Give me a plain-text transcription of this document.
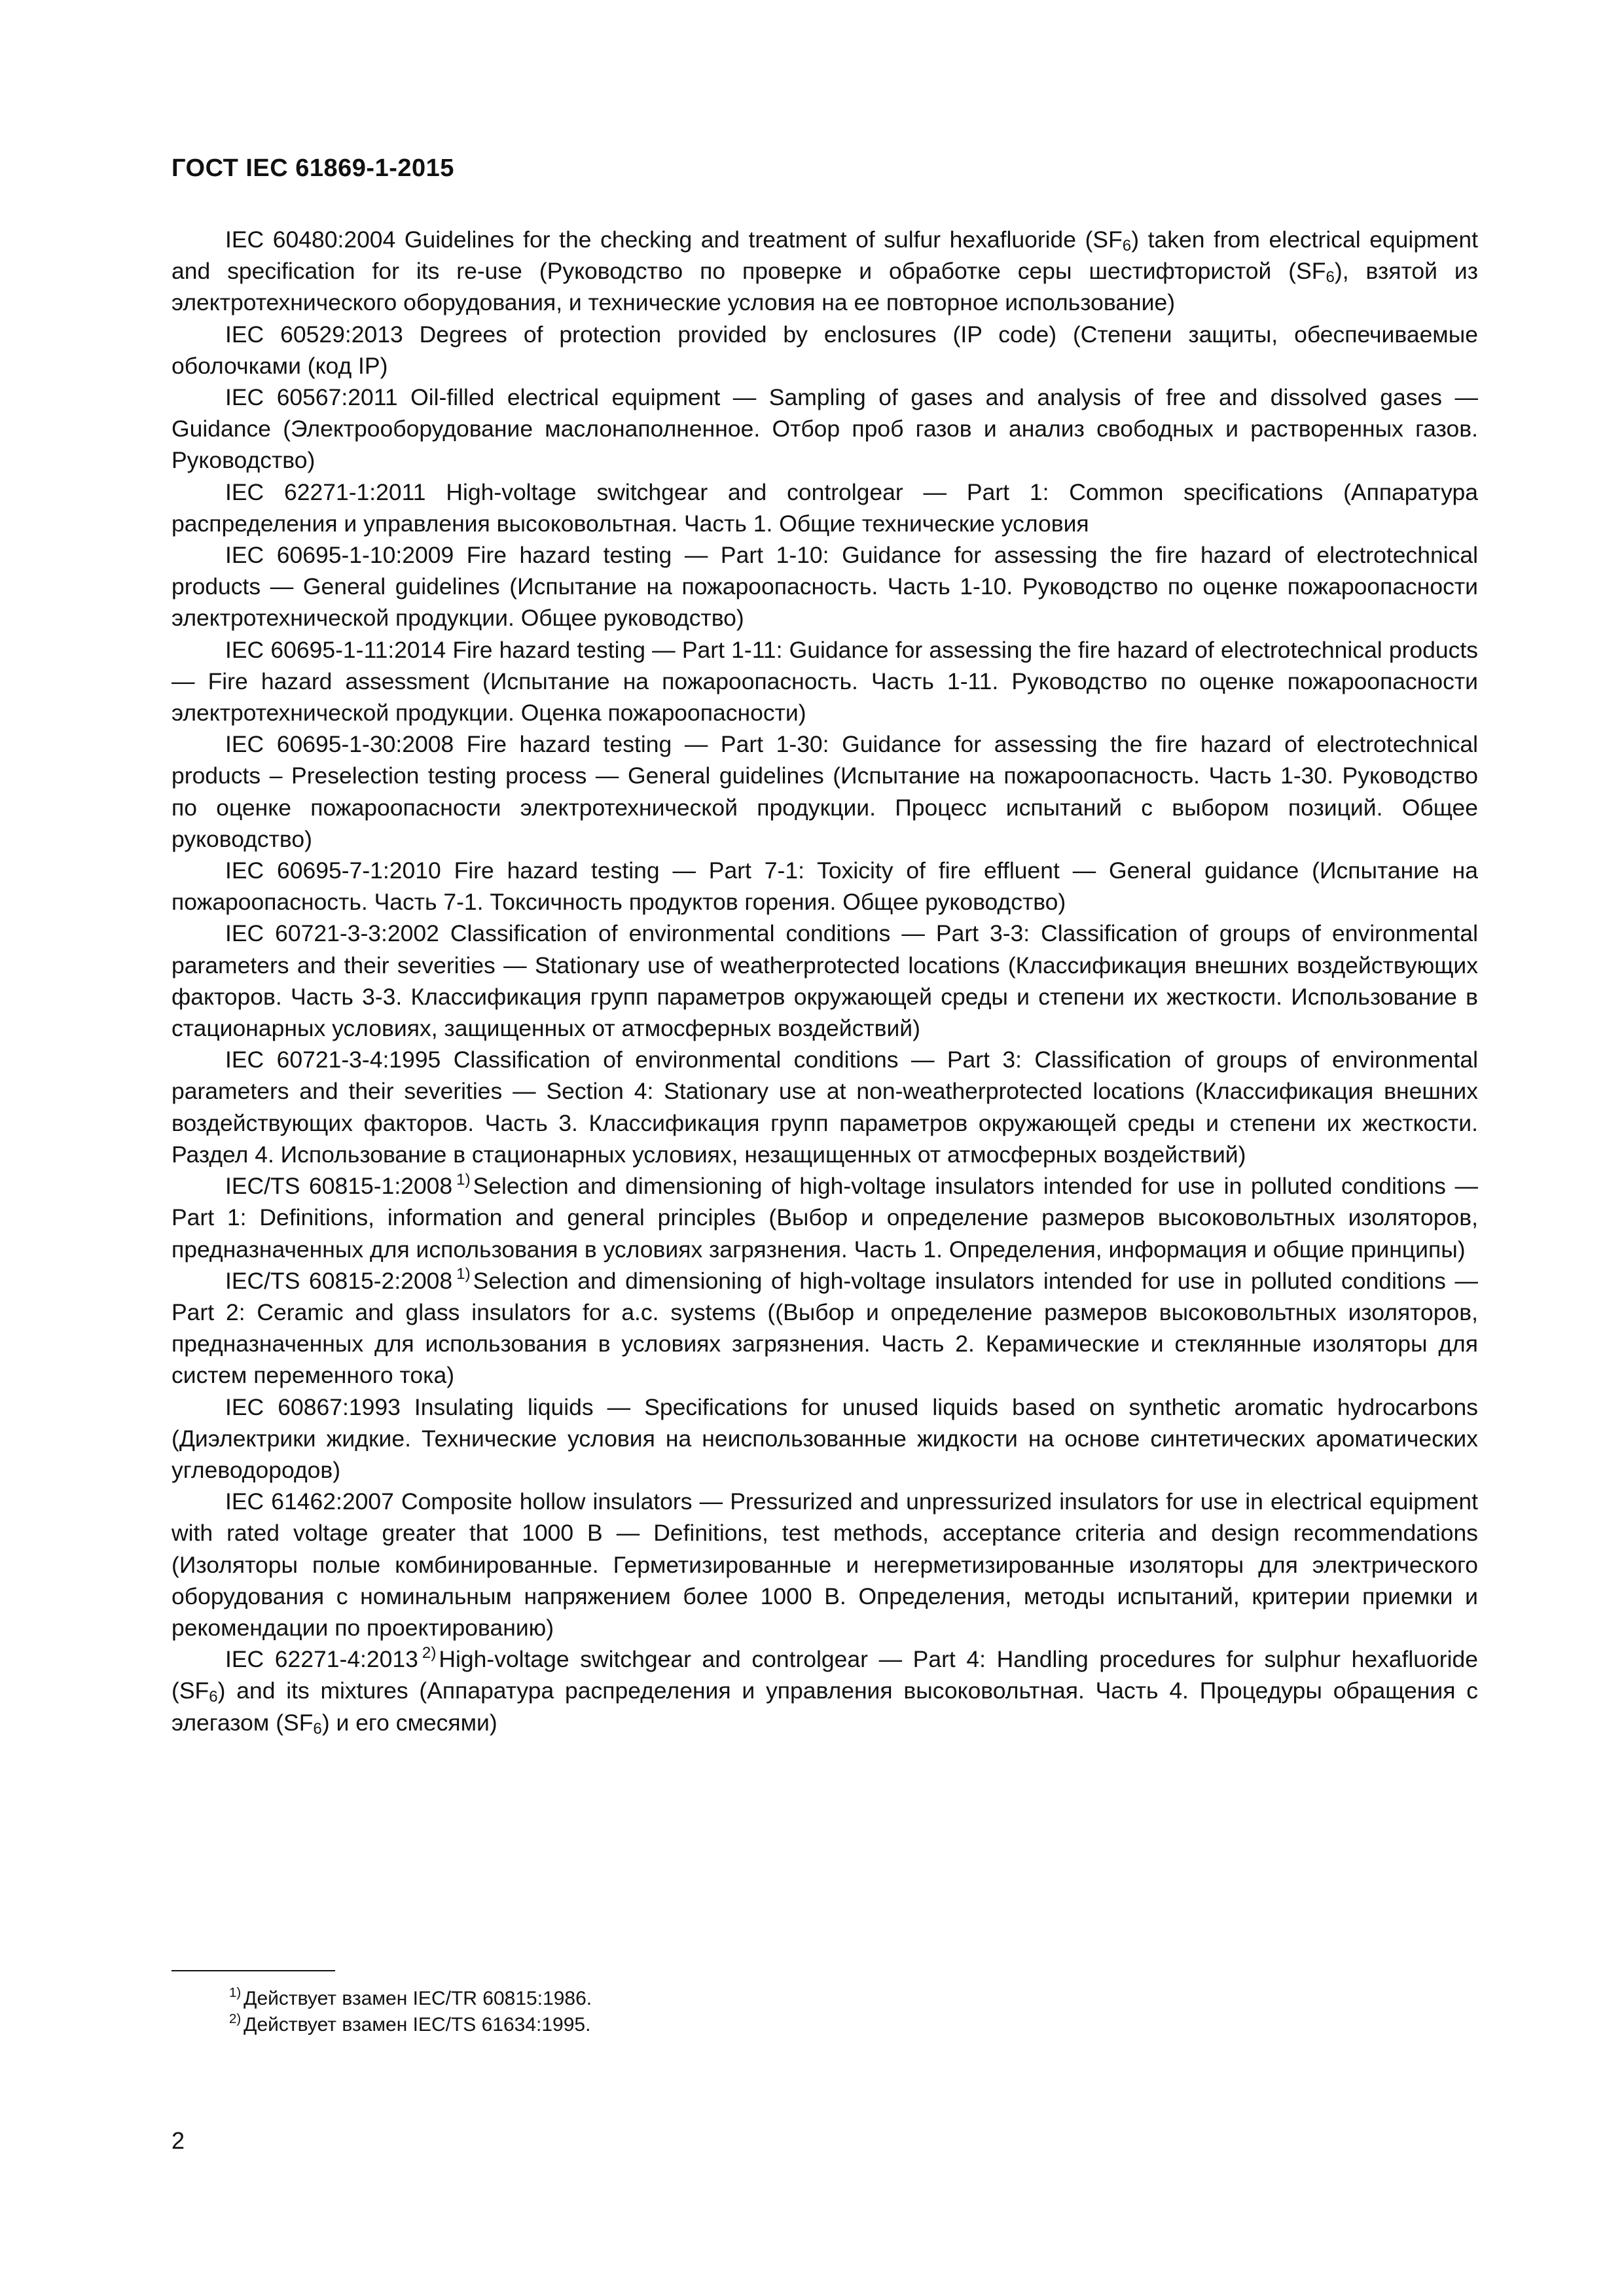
ГОСТ IEC 61869-1-2015

IEC 60480:2004 Guidelines for the checking and treatment of sulfur hexafluoride $(SF_6)$ taken from electrical equipment and specification for its re-use (Руководство по проверке и обработке серы шестифтористой $(SF_6)$, взятой из электротехнического оборудования, и технические условия на ее повторное использование)

IEC 60529:2013 Degrees of protection provided by enclosures (IP code) (Степени защиты, обеспечиваемые оболочками (код IP)

IEC 60567:2011 Oil-filled electrical equipment — Sampling of gases and analysis of free and dissolved gases — Guidance (Электрооборудование маслонаполненное. Отбор проб газов и анализ свободных и растворенных газов. Руководство)

IEC 62271-1:2011 High-voltage switchgear and controlgear — Part 1: Common specifications (Аппаратура распределения и управления высоковольтная. Часть 1. Общие технические условия

IEC 60695-1-10:2009 Fire hazard testing — Part 1-10: Guidance for assessing the fire hazard of electrotechnical products — General guidelines (Испытание на пожароопасность. Часть 1-10. Руководство по оценке пожароопасности электротехнической продукции. Общее руководство)

IEC 60695-1-11:2014 Fire hazard testing — Part 1-11: Guidance for assessing the fire hazard of electrotechnical products — Fire hazard assessment (Испытание на пожароопасность. Часть 1-11. Руководство по оценке пожароопасности электротехнической продукции. Оценка пожароопасности)

IEC 60695-1-30:2008 Fire hazard testing — Part 1-30: Guidance for assessing the fire hazard of electrotechnical products – Preselection testing process — General guidelines (Испытание на пожароопасность. Часть 1-30. Руководство по оценке пожароопасности электротехнической продукции. Процесс испытаний с выбором позиций. Общее руководство)

IEC 60695-7-1:2010 Fire hazard testing — Part 7-1: Toxicity of fire effluent — General guidance (Испытание на пожароопасность. Часть 7-1. Токсичность продуктов горения. Общее руководство)

IEC 60721-3-3:2002 Classification of environmental conditions — Part 3-3: Classification of groups of environmental parameters and their severities — Stationary use of weatherprotected locations (Классификация внешних воздействующих факторов. Часть 3-3. Классификация групп параметров окружающей среды и степени их жесткости. Использование в стационарных условиях, защищенных от атмосферных воздействий)

IEC 60721-3-4:1995 Classification of environmental conditions — Part 3: Classification of groups of environmental parameters and their severities — Section 4: Stationary use at non-weatherprotected locations (Классификация внешних воздействующих факторов. Часть 3. Классификация групп параметров окружающей среды и степени их жесткости. Раздел 4. Использование в стационарных условиях, незащищенных от атмосферных воздействий)

IEC/TS 60815-1:2008 $^{1)}$ Selection and dimensioning of high-voltage insulators intended for use in polluted conditions — Part 1: Definitions, information and general principles (Выбор и определение размеров высоковольтных изоляторов, предназначенных для использования в условиях загрязнения. Часть 1. Определения, информация и общие принципы)

IEC/TS 60815-2:2008 $^{1)}$ Selection and dimensioning of high-voltage insulators intended for use in polluted conditions — Part 2: Ceramic and glass insulators for a.c. systems ((Выбор и определение размеров высоковольтных изоляторов, предназначенных для использования в условиях загрязнения. Часть 2. Керамические и стеклянные изоляторы для систем переменного тока)

IEC 60867:1993 Insulating liquids — Specifications for unused liquids based on synthetic aromatic hydrocarbons (Диэлектрики жидкие. Технические условия на неиспользованные жидкости на основе синтетических ароматических углеводородов)

IEC 61462:2007 Composite hollow insulators — Pressurized and unpressurized insulators for use in electrical equipment with rated voltage greater that 1000 B — Definitions, test methods, acceptance criteria and design recommendations (Изоляторы полые комбинированные. Герметизированные и негерметизированные изоляторы для электрического оборудования с номинальным напряжением более 1000 В. Определения, методы испытаний, критерии приемки и рекомендации по проектированию)

IEC 62271-4:2013 $^{2)}$ High-voltage switchgear and controlgear — Part 4: Handling procedures for sulphur hexafluoride $(SF_6)$ and its mixtures (Аппаратура распределения и управления высоковольтная. Часть 4. Процедуры обращения с элегазом $(SF_6)$ и его смесями)

$^{1)}$ Действует взамен IEC/TR 60815:1986.
$^{2)}$ Действует взамен IEC/TS 61634:1995.
2
